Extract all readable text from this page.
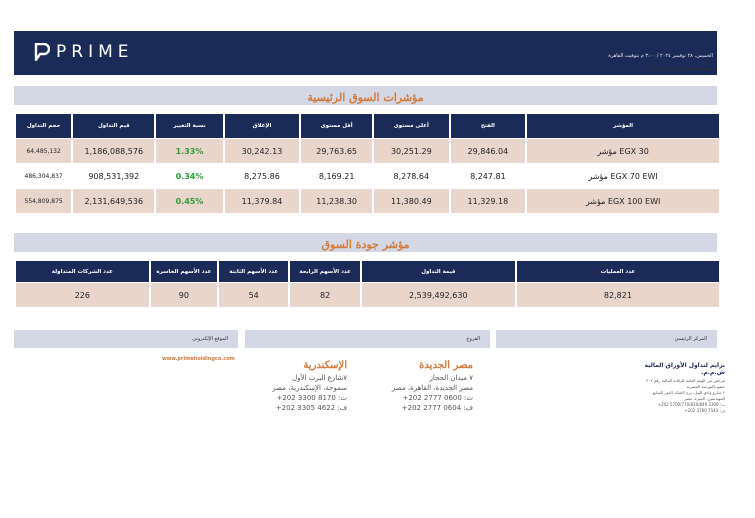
PRIME	الخميس، ٢٨ نوفمبر ٢٠٢٤ / ٣:٠٠ م بتوقيت القاهرة
مصر/ إحصائيات جلسة التداول
مؤشرات السوق الرئيسية
حجم التداول	قيم التداول	نسبة التغيير	الإغلاق	أقل مستوى	أعلى مستوى	الفتح	المؤشر
64,485,132	1,186,088,576	1.33%	30,242.13	29,763.65	30,251.29	29,846.04	مؤشر EGX 30
486,304,837	908,531,392	0.34%	8,275.86	8,169.21	8,278.64	8,247.81	مؤشر EGX 70 EWI
554,809,875	2,131,649,536	0.45%	11,379.84	11,238.30	11,380.49	11,329.18	مؤشر EGX 100 EWI
مؤشر جودة السوق
عدد الشركات المتداولة	عدد الأسهم الخاسرة	عدد الأسهم الثابتة	عدد الأسهم الرابحة	قيمة التداول	عدد العمليات
226	90	54	82	2,539,492,630	82,821
الموقع الإلكتروني	الفروع	المركز الرئيسي
www.primeholdingco.com
الإسكندرية
٧شارع اليرت الأول
سموحة، الإسكندرية، مصر
ت: 8170 3300 202+
ف: 4622 3305 202+
مصر الجديدة
٧ ميدان الحجاز
مصر الجديدة، القاهرة، مصر
ت: 0600 2777 202+
ف: 0604 2777 202+
برايم لتداول الأوراق المالية ش.م.م.
مرخص من الهيئة العامة للرقابة المالية رقم ٣٠٢
عضو بالبورصة المصرية
٢ شارع وادي النيل، برج الحياة، الدور السابع
المهندسين، الجيزة، مصر
ت: 3300 5700/770/830/849 202+
ف: 7543 3760 202+
